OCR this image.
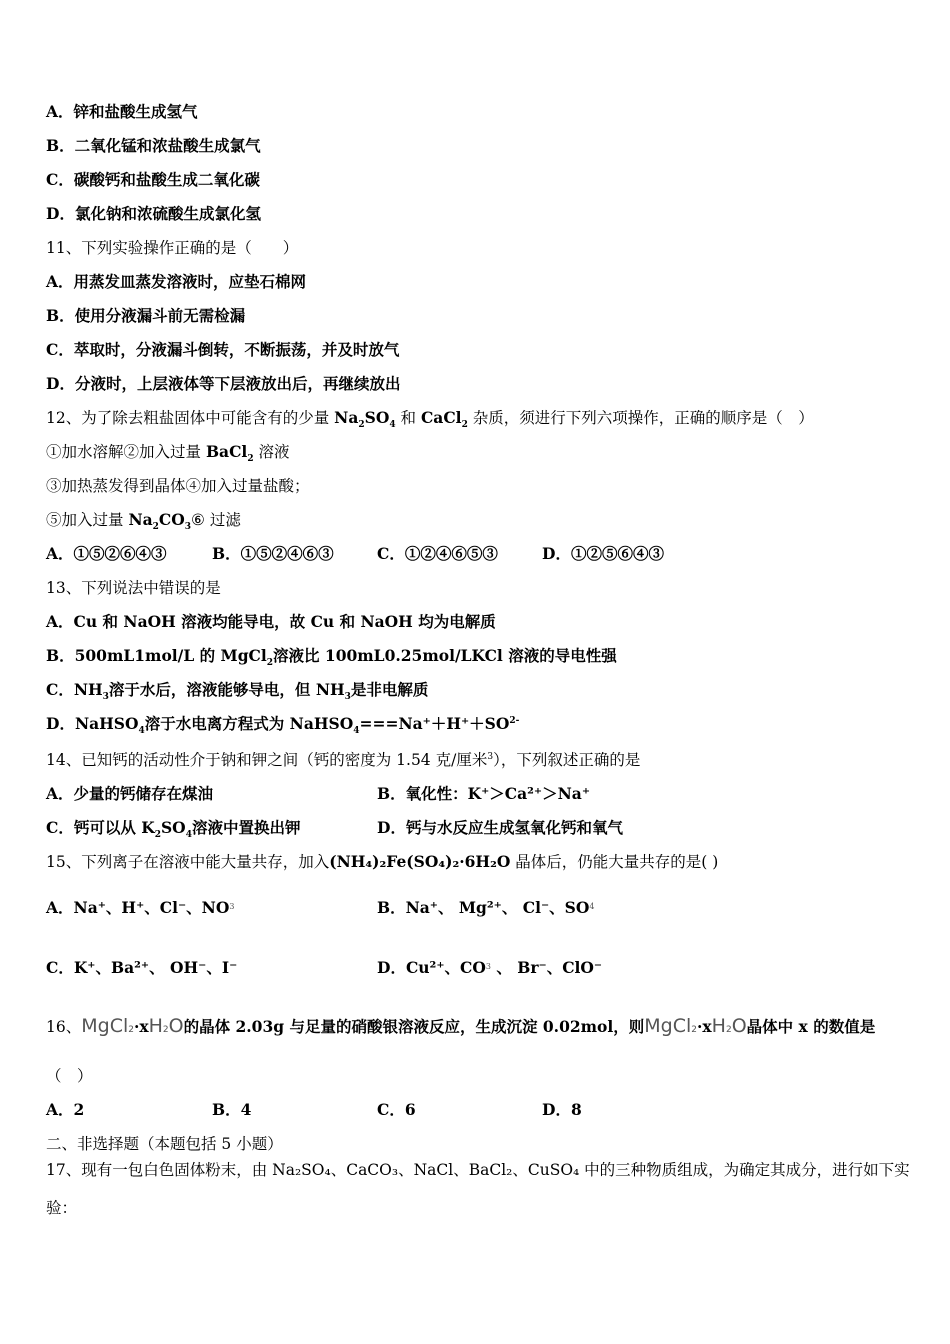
A．锌和盐酸生成氢气
B．二氧化锰和浓盐酸生成氯气
C．碳酸钙和盐酸生成二氧化碳
D．氯化钠和浓硫酸生成氯化氢
11、下列实验操作正确的是（　　）
A．用蒸发皿蒸发溶液时，应垫石棉网
B．使用分液漏斗前无需检漏
C．萃取时，分液漏斗倒转，不断振荡，并及时放气
D．分液时，上层液体等下层液放出后，再继续放出
12、为了除去粗盐固体中可能含有的少量 $Na_2SO_4$ 和 CaCl$_2$ 杂质，须进行下列六项操作，正确的顺序是（　）
①加水溶解②加入过量 BaCl$_2$ 溶液
③加热蒸发得到晶体④加入过量盐酸；
⑤加入过量 $Na_2CO_3⑥$ 过滤
A．①⑤②⑥④③	B．①⑤②④⑥③	C．①②④⑥⑤③	D．①②⑤⑥④③
13、下列说法中错误的是
A．Cu 和 NaOH 溶液均能导电，故 Cu 和 NaOH 均为电解质
B．500mL1mol/L 的 MgCl$_2$溶液比 100mL0.25mol/LKCl 溶液的导电性强
C．$NH_3$溶于水后，溶液能够导电，但 $NH_3$是非电解质
D．NaHSO$_4$溶于水电离方程式为 $NaHSO_4===Na^++H^++SO^{2-}$
14、已知钙的活动性介于钠和钾之间（钙的密度为 1.54 克/厘米$^3$），下列叙述正确的是
A．少量的钙储存在煤油	B．氧化性：K⁺＞Ca²⁺＞Na⁺
C．钙可以从 $K_2SO_4$溶液中置换出钾	D．钙与水反应生成氢氧化钙和氧气
15、下列离子在溶液中能大量共存，加入(NH₄)₂Fe(SO₄)₂·6H₂O 晶体后，仍能大量共存的是( )
A．Na⁺、H⁺、Cl⁻、$NO^3$	B．Na⁺、 Mg²⁺、 Cl⁻、$SO^4$
C．K⁺、Ba²⁺、 OH⁻、I⁻	D．Cu²⁺、$CO^3$ 、 Br⁻、ClO⁻
16、MgCl2·xH2O的晶体 2.03g 与足量的硝酸银溶液反应，生成沉淀 0.02mol，则MgCl2·xH2O晶体中 x 的数值是
（　）
A．2	B．4	C．6	D．8
二、非选择题（本题包括 5 小题）
17、现有一包白色固体粉末，由 Na₂SO₄、CaCO₃、NaCl、BaCl₂、CuSO₄ 中的三种物质组成，为确定其成分，进行如下实
验：
